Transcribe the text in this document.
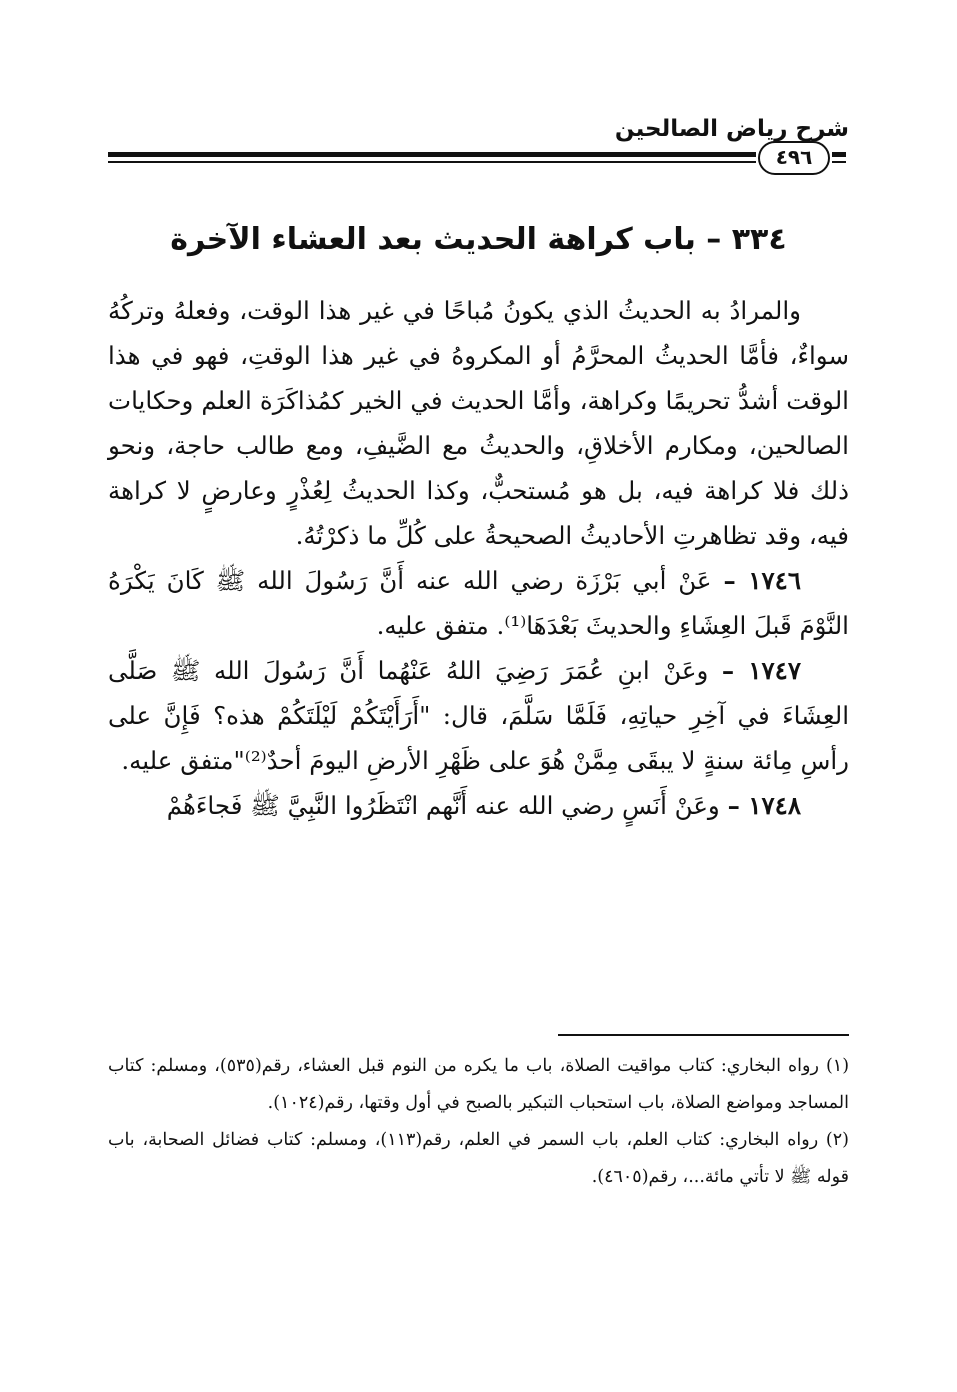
شرح رياض الصالحين
٤٩٦
٣٣٤ – باب كراهة الحديث بعد العشاء الآخرة

والمرادُ به الحديثُ الذي يكونُ مُباحًا في غير هذا الوقت، وفعلهُ وتركُهُ سواءٌ، فأمَّا الحديثُ المحرَّمُ أو المكروهُ في غير هذا الوقتِ، فهو في هذا الوقت أشدُّ تحريمًا وكراهة، وأمَّا الحديث في الخير كمُذاكَرَة العلم وحكايات الصالحين، ومكارم الأخلاقِ، والحديثُ مع الضَّيفِ، ومع طالب حاجة، ونحو ذلك فلا كراهة فيه، بل هو مُستحبٌّ، وكذا الحديثُ لِعُذْرٍ وعارضٍ لا كراهة فيه، وقد تظاهرتِ الأحاديثُ الصحيحةُ على كُلِّ ما ذكرْتُهُ.

١٧٤٦ – عَنْ أبي بَرْزَة رضي الله عنه أَنَّ رَسُولَ الله ﷺ كَانَ يَكْرَهُ النَّوْمَ قَبلَ العِشَاءِ والحديثَ بَعْدَهَا⁽¹⁾. متفق عليه.

١٧٤٧ – وعَنْ ابنِ عُمَرَ رَضِيَ اللهُ عَنْهُما أَنَّ رَسُولَ الله ﷺ صَلَّى العِشَاءَ في آخِرِ حياتِهِ، فَلَمَّا سَلَّمَ، قال: "أَرَأَيْتَكُمْ لَيْلَتَكُمْ هذه؟ فَإِنَّ على رأسِ مِائة سنةٍ لا يبقَى مِمَّنْ هُوَ على ظَهْرِ الأرضِ اليومَ أحدٌ⁽²⁾"متفق عليه.

١٧٤٨ – وعَنْ أَنَسٍ رضي الله عنه أَنَّهم انْتَظَرُوا النَّبِيَّ ﷺ فَجاءَهُمْ

(١) رواه البخاري: كتاب مواقيت الصلاة، باب ما يكره من النوم قبل العشاء، رقم(٥٣٥)، ومسلم: كتاب المساجد ومواضع الصلاة، باب استحباب التبكير بالصبح في أول وقتها، رقم(١٠٢٤).

(٢) رواه البخاري: كتاب العلم، باب السمر في العلم، رقم(١١٣)، ومسلم: كتاب فضائل الصحابة، باب قوله ﷺ لا تأتي مائة...، رقم(٤٦٠٥).
